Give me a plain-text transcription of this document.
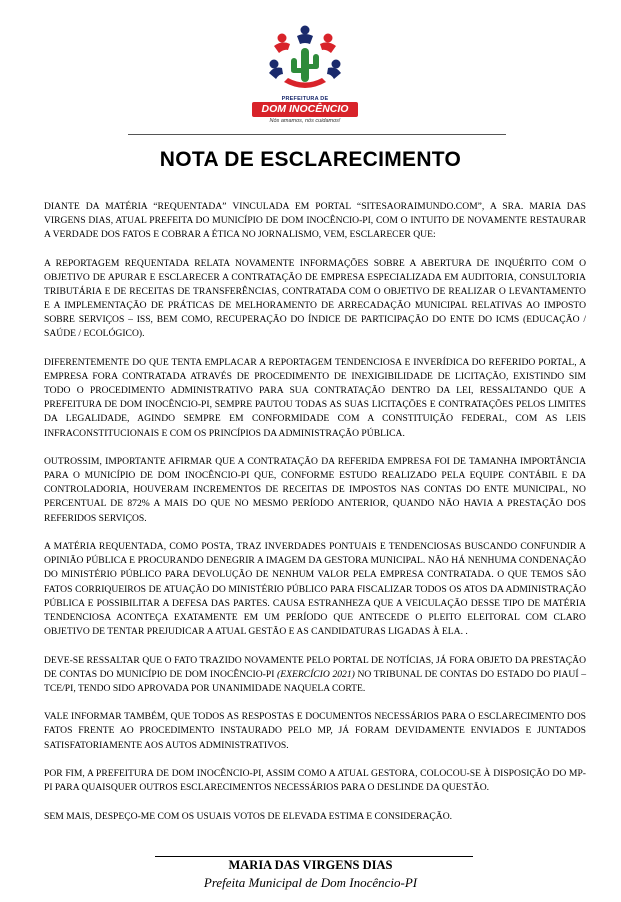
PREFEITURA DE
DOM INOCÊNCIO
Nós amamos, nós cuidamos!
NOTA DE ESCLARECIMENTO

DIANTE DA MATÉRIA “REQUENTADA” VINCULADA EM PORTAL “SITESAORAIMUNDO.COM”, A SRA. MARIA DAS VIRGENS DIAS, ATUAL PREFEITA DO MUNICÍPIO DE DOM INOCÊNCIO-PI, COM O INTUITO DE NOVAMENTE RESTAURAR A VERDADE DOS FATOS E COBRAR A ÉTICA NO JORNALISMO, VEM, ESCLARECER QUE:

A REPORTAGEM REQUENTADA RELATA NOVAMENTE INFORMAÇÕES SOBRE A ABERTURA DE INQUÉRITO COM O OBJETIVO DE APURAR E ESCLARECER A CONTRATAÇÃO DE EMPRESA ESPECIALIZADA EM AUDITORIA, CONSULTORIA TRIBUTÁRIA E DE RECEITAS DE TRANSFERÊNCIAS, CONTRATADA COM O OBJETIVO DE REALIZAR O LEVANTAMENTO E A IMPLEMENTAÇÃO DE PRÁTICAS DE MELHORAMENTO DE ARRECADAÇÃO MUNICIPAL RELATIVAS AO IMPOSTO SOBRE SERVIÇOS – ISS, BEM COMO, RECUPERAÇÃO DO ÍNDICE DE PARTICIPAÇÃO DO ENTE DO ICMS (EDUCAÇÃO / SAÚDE / ECOLÓGICO).

DIFERENTEMENTE DO QUE TENTA EMPLACAR A REPORTAGEM TENDENCIOSA E INVERÍDICA DO REFERIDO PORTAL, A EMPRESA FORA CONTRATADA ATRAVÉS DE PROCEDIMENTO DE INEXIGIBILIDADE DE LICITAÇÃO, EXISTINDO SIM TODO O PROCEDIMENTO ADMINISTRATIVO PARA SUA CONTRATAÇÃO DENTRO DA LEI, RESSALTANDO QUE A PREFEITURA DE DOM INOCÊNCIO-PI, SEMPRE PAUTOU TODAS AS SUAS LICITAÇÕES E CONTRATAÇÕES PELOS LIMITES DA LEGALIDADE, AGINDO SEMPRE EM CONFORMIDADE COM A CONSTITUIÇÃO FEDERAL, COM AS LEIS INFRACONSTITUCIONAIS E COM OS PRINCÍPIOS DA ADMINISTRAÇÃO PÚBLICA.

OUTROSSIM, IMPORTANTE AFIRMAR QUE A CONTRATAÇÃO DA REFERIDA EMPRESA FOI DE TAMANHA IMPORTÂNCIA PARA O MUNICÍPIO DE DOM INOCÊNCIO-PI QUE, CONFORME ESTUDO REALIZADO PELA EQUIPE CONTÁBIL E DA CONTROLADORIA, HOUVERAM INCREMENTOS DE RECEITAS DE IMPOSTOS NAS CONTAS DO ENTE MUNICIPAL, NO PERCENTUAL DE 872% A MAIS DO QUE NO MESMO PERÍODO ANTERIOR, QUANDO NÃO HAVIA A PRESTAÇÃO DOS REFERIDOS SERVIÇOS.

A MATÉRIA REQUENTADA, COMO POSTA, TRAZ INVERDADES PONTUAIS E TENDENCIOSAS BUSCANDO CONFUNDIR A OPINIÃO PÚBLICA E PROCURANDO DENEGRIR A IMAGEM DA GESTORA MUNICIPAL. NÃO HÁ NENHUMA CONDENAÇÃO DO MINISTÉRIO PÚBLICO PARA DEVOLUÇÃO DE NENHUM VALOR PELA EMPRESA CONTRATADA. O QUE TEMOS SÃO FATOS CORRIQUEIROS DE ATUAÇÃO DO MINISTÉRIO PÚBLICO PARA FISCALIZAR TODOS OS ATOS DA ADMINISTRAÇÃO PÚBLICA E POSSIBILITAR A DEFESA DAS PARTES. CAUSA ESTRANHEZA QUE A VEICULAÇÃO DESSE TIPO DE MATÉRIA TENDENCIOSA ACONTEÇA EXATAMENTE EM UM PERÍODO QUE ANTECEDE O PLEITO ELEITORAL COM CLARO OBJETIVO DE TENTAR PREJUDICAR A ATUAL GESTÃO E AS CANDIDATURAS LIGADAS À ELA. .

DEVE-SE RESSALTAR QUE O FATO TRAZIDO NOVAMENTE PELO PORTAL DE NOTÍCIAS, JÁ FORA OBJETO DA PRESTAÇÃO DE CONTAS DO MUNICÍPIO DE DOM INOCÊNCIO-PI (EXERCÍCIO 2021) NO TRIBUNAL DE CONTAS DO ESTADO DO PIAUÍ – TCE/PI, TENDO SIDO APROVADA POR UNANIMIDADE NAQUELA CORTE.

VALE INFORMAR TAMBÉM, QUE TODOS AS RESPOSTAS E DOCUMENTOS NECESSÁRIOS PARA O ESCLARECIMENTO DOS FATOS FRENTE AO PROCEDIMENTO INSTAURADO PELO MP, JÁ FORAM DEVIDAMENTE ENVIADOS E JUNTADOS SATISFATORIAMENTE AOS AUTOS ADMINISTRATIVOS.

POR FIM, A PREFEITURA DE DOM INOCÊNCIO-PI, ASSIM COMO A ATUAL GESTORA, COLOCOU-SE À DISPOSIÇÃO DO MP-PI PARA QUAISQUER OUTROS ESCLARECIMENTOS NECESSÁRIOS PARA O DESLINDE DA QUESTÃO.

SEM MAIS, DESPEÇO-ME COM OS USUAIS VOTOS DE ELEVADA ESTIMA E CONSIDERAÇÃO.

MARIA DAS VIRGENS DIAS
Prefeita Municipal de Dom Inocêncio-PI
